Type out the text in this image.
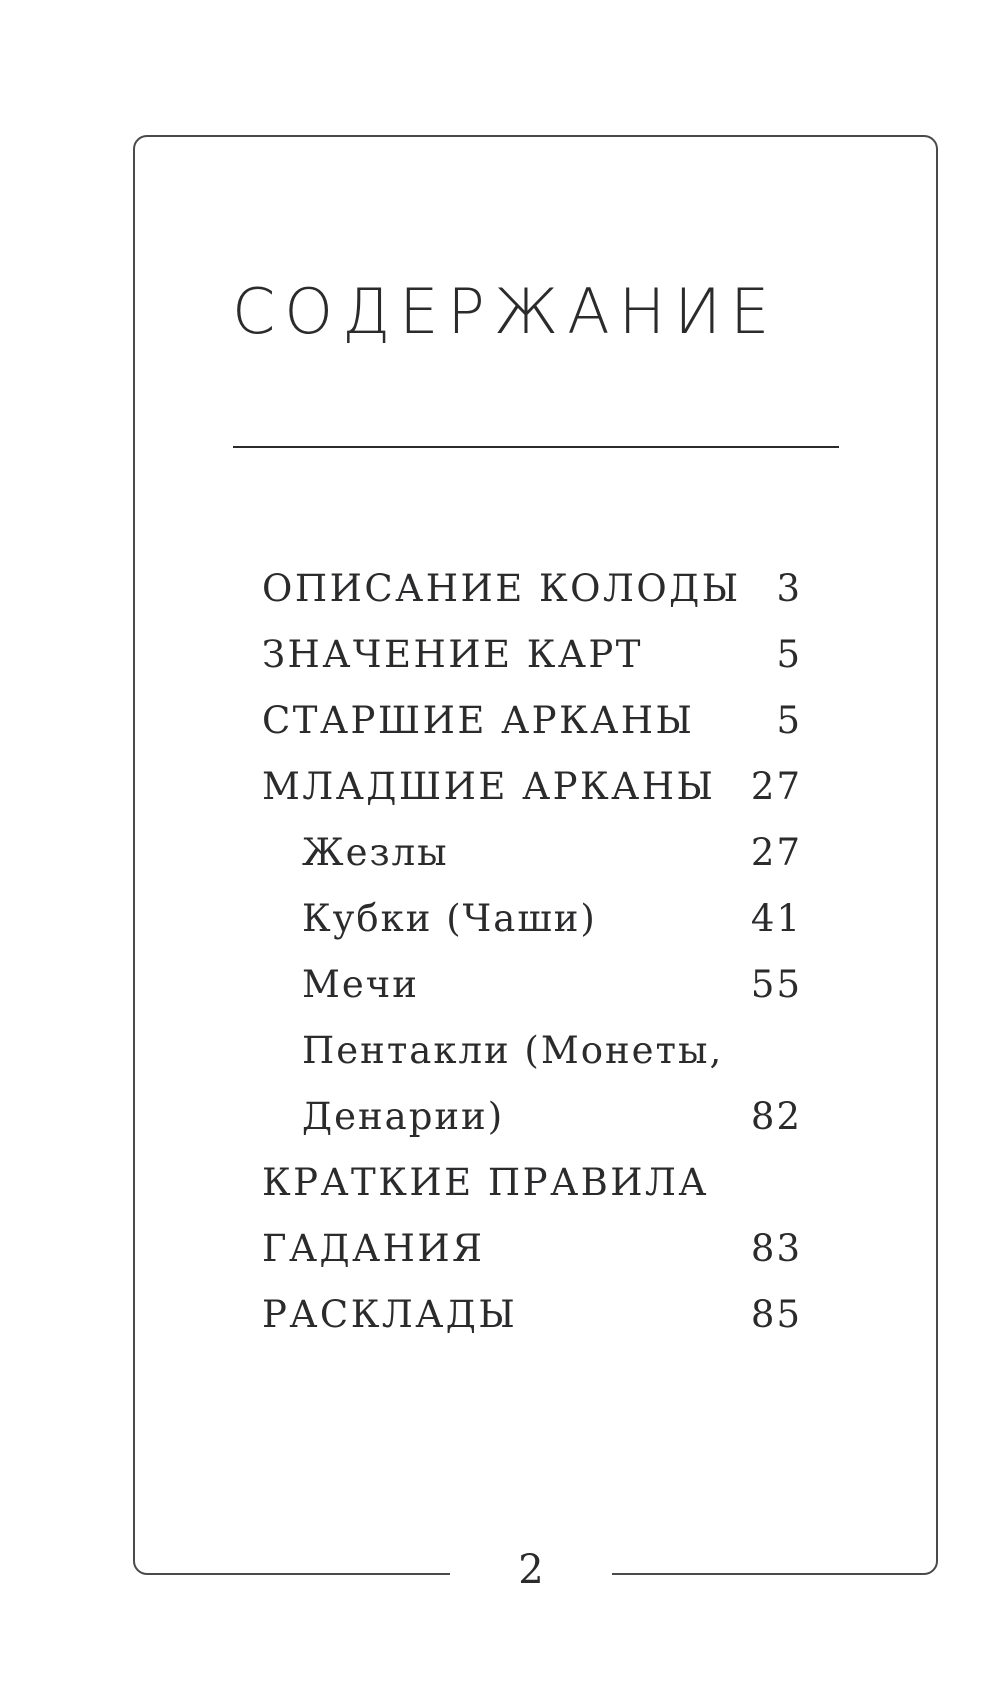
СОДЕРЖАНИЕ
ОПИСАНИЕ КОЛОДЫ 3
ЗНАЧЕНИЕ КАРТ	5
СТАРШИЕ АРКАНЫ	5
МЛАДШИЕ АРКАНЫ 27
Жезлы	27
Кубки (Чаши)	41
Мечи	55
Пентакли (Монеты,
Денарии)	82
КРАТКИЕ ПРАВИЛА
ГАДАНИЯ	83
РАСКЛАДЫ	85
2
